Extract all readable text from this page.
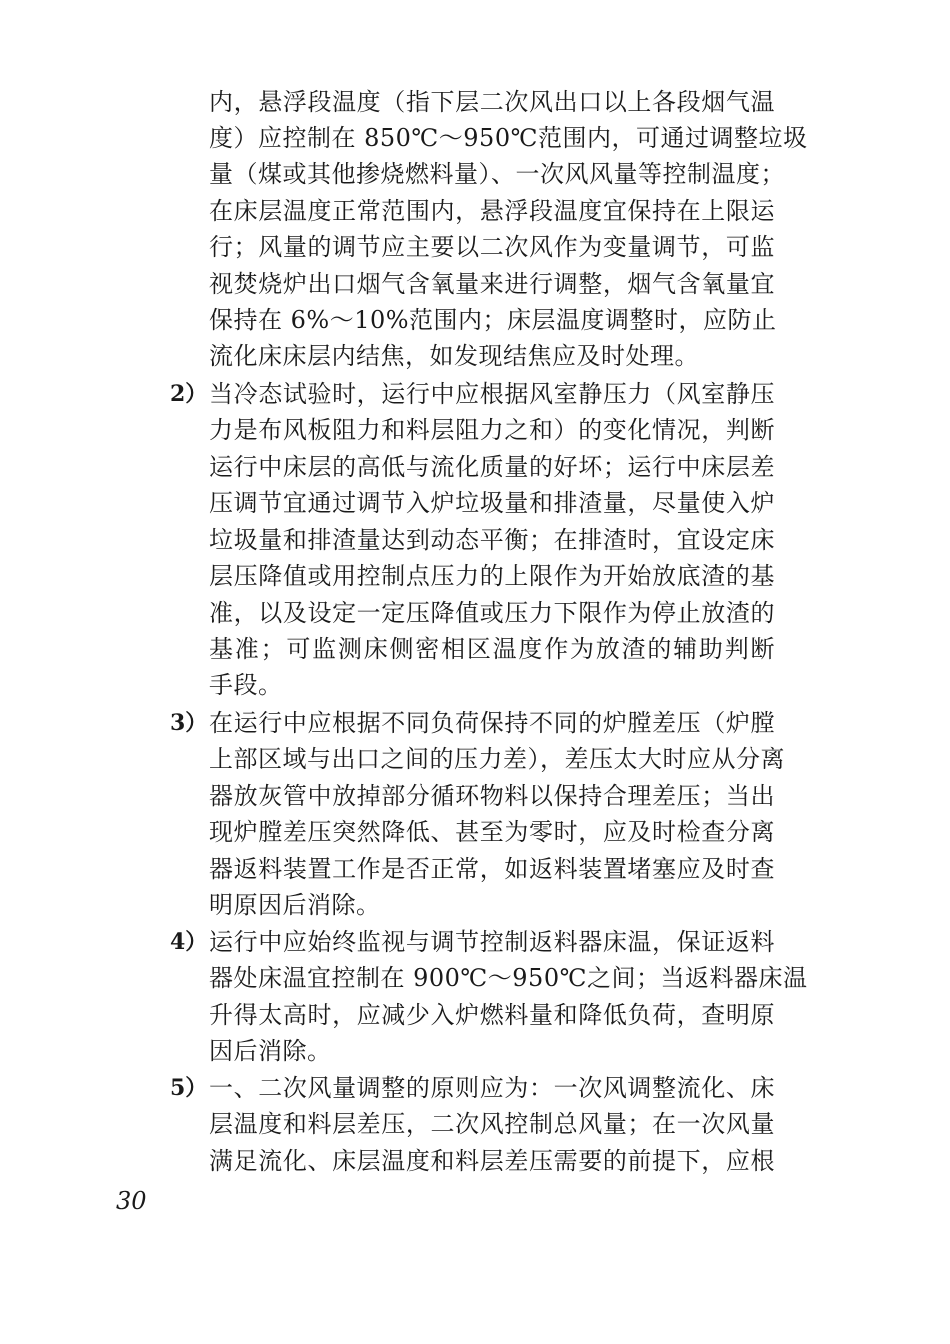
内，悬浮段温度（指下层二次风出口以上各段烟气温
度）应控制在 850℃～950℃范围内，可通过调整垃圾
量（煤或其他掺烧燃料量）、一次风风量等控制温度；
在床层温度正常范围内，悬浮段温度宜保持在上限运
行；风量的调节应主要以二次风作为变量调节，可监
视焚烧炉出口烟气含氧量来进行调整，烟气含氧量宜
保持在 6%～10%范围内；床层温度调整时，应防止
流化床床层内结焦，如发现结焦应及时处理。
2） 当冷态试验时，运行中应根据风室静压力（风室静压
力是布风板阻力和料层阻力之和）的变化情况，判断
运行中床层的高低与流化质量的好坏；运行中床层差
压调节宜通过调节入炉垃圾量和排渣量，尽量使入炉
垃圾量和排渣量达到动态平衡；在排渣时，宜设定床
层压降值或用控制点压力的上限作为开始放底渣的基
准，以及设定一定压降值或压力下限作为停止放渣的
基准；可监测床侧密相区温度作为放渣的辅助判断
手段。
3） 在运行中应根据不同负荷保持不同的炉膛差压（炉膛
上部区域与出口之间的压力差），差压太大时应从分离
器放灰管中放掉部分循环物料以保持合理差压；当出
现炉膛差压突然降低、甚至为零时，应及时检查分离
器返料装置工作是否正常，如返料装置堵塞应及时查
明原因后消除。
4） 运行中应始终监视与调节控制返料器床温，保证返料
器处床温宜控制在 900℃～950℃之间；当返料器床温
升得太高时，应减少入炉燃料量和降低负荷，查明原
因后消除。
5） 一、二次风量调整的原则应为：一次风调整流化、床
层温度和料层差压，二次风控制总风量；在一次风量
满足流化、床层温度和料层差压需要的前提下，应根
30
